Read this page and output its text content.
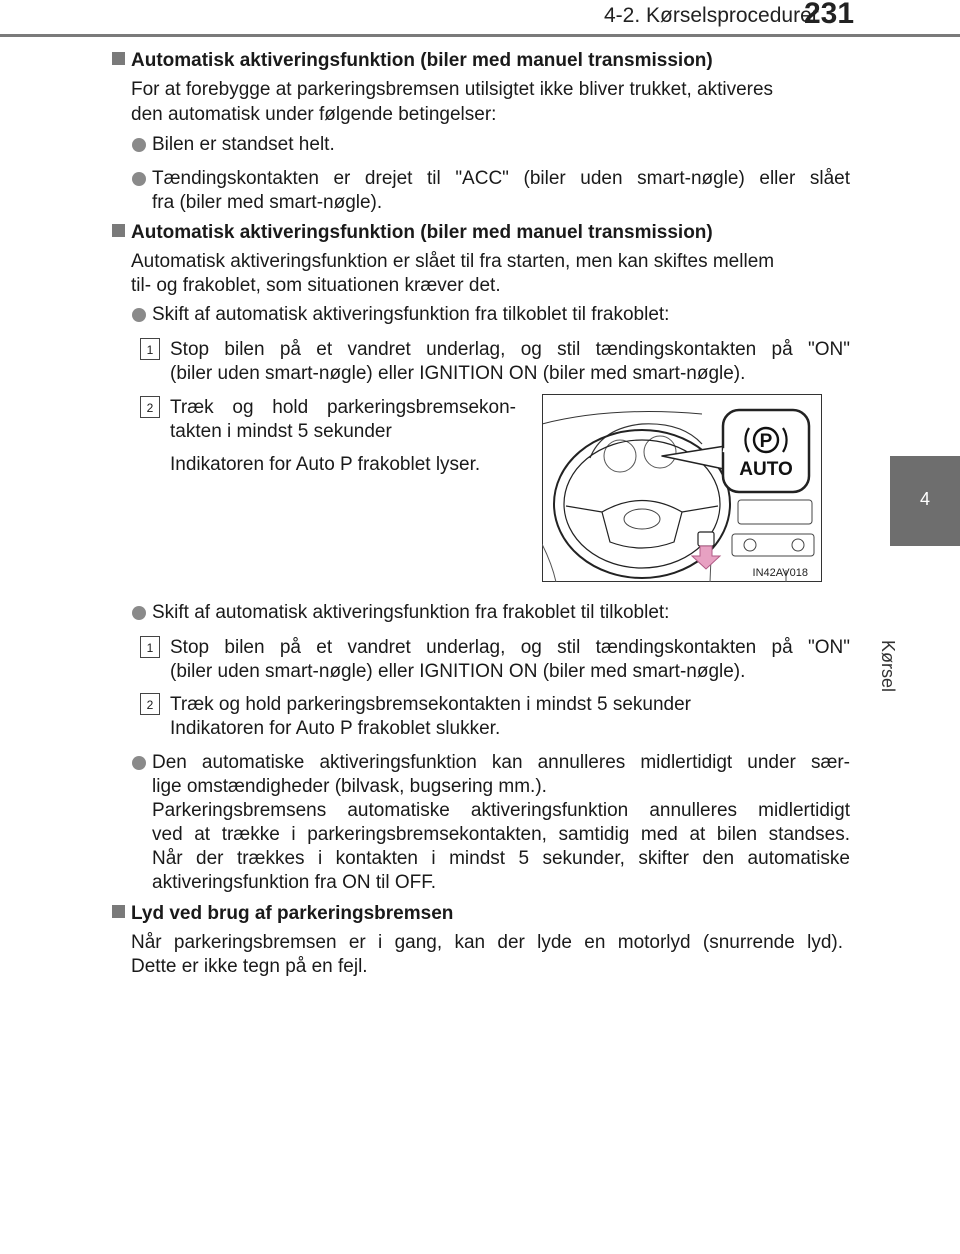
4-2. Kørselsprocedurer
231
4
Kørsel
Automatisk aktiveringsfunktion (biler med manuel transmission)
For at forebygge at parkeringsbremsen utilsigtet ikke bliver trukket, aktiveres
den automatisk under følgende betingelser:
Bilen er standset helt.
Tændingskontakten er drejet til "ACC" (biler uden smart-nøgle) eller slået
fra (biler med smart-nøgle).
Automatisk aktiveringsfunktion (biler med manuel transmission)
Automatisk aktiveringsfunktion er slået til fra starten, men kan skiftes mellem
til- og frakoblet, som situationen kræver det.
Skift af automatisk aktiveringsfunktion fra tilkoblet til frakoblet:
1 Stop bilen på et vandret underlag, og stil tændingskontakten på "ON"
(biler uden smart-nøgle) eller IGNITION ON (biler med smart-nøgle).
2 Træk og hold parkeringsbremsekon-
takten i mindst 5 sekunder
Indikatoren for Auto P frakoblet lyser.
P
AUTO
IN42AV018
Skift af automatisk aktiveringsfunktion fra frakoblet til tilkoblet:
1 Stop bilen på et vandret underlag, og stil tændingskontakten på "ON"
(biler uden smart-nøgle) eller IGNITION ON (biler med smart-nøgle).
2 Træk og hold parkeringsbremsekontakten i mindst 5 sekunder
Indikatoren for Auto P frakoblet slukker.
Den automatiske aktiveringsfunktion kan annulleres midlertidigt under sær-
lige omstændigheder (bilvask, bugsering mm.).
Parkeringsbremsens automatiske aktiveringsfunktion annulleres midlertidigt
ved at trække i parkeringsbremsekontakten, samtidig med at bilen standses.
Når der trækkes i kontakten i mindst 5 sekunder, skifter den automatiske
aktiveringsfunktion fra ON til OFF.
Lyd ved brug af parkeringsbremsen
Når parkeringsbremsen er i gang, kan der lyde en motorlyd (snurrende lyd).
Dette er ikke tegn på en fejl.
